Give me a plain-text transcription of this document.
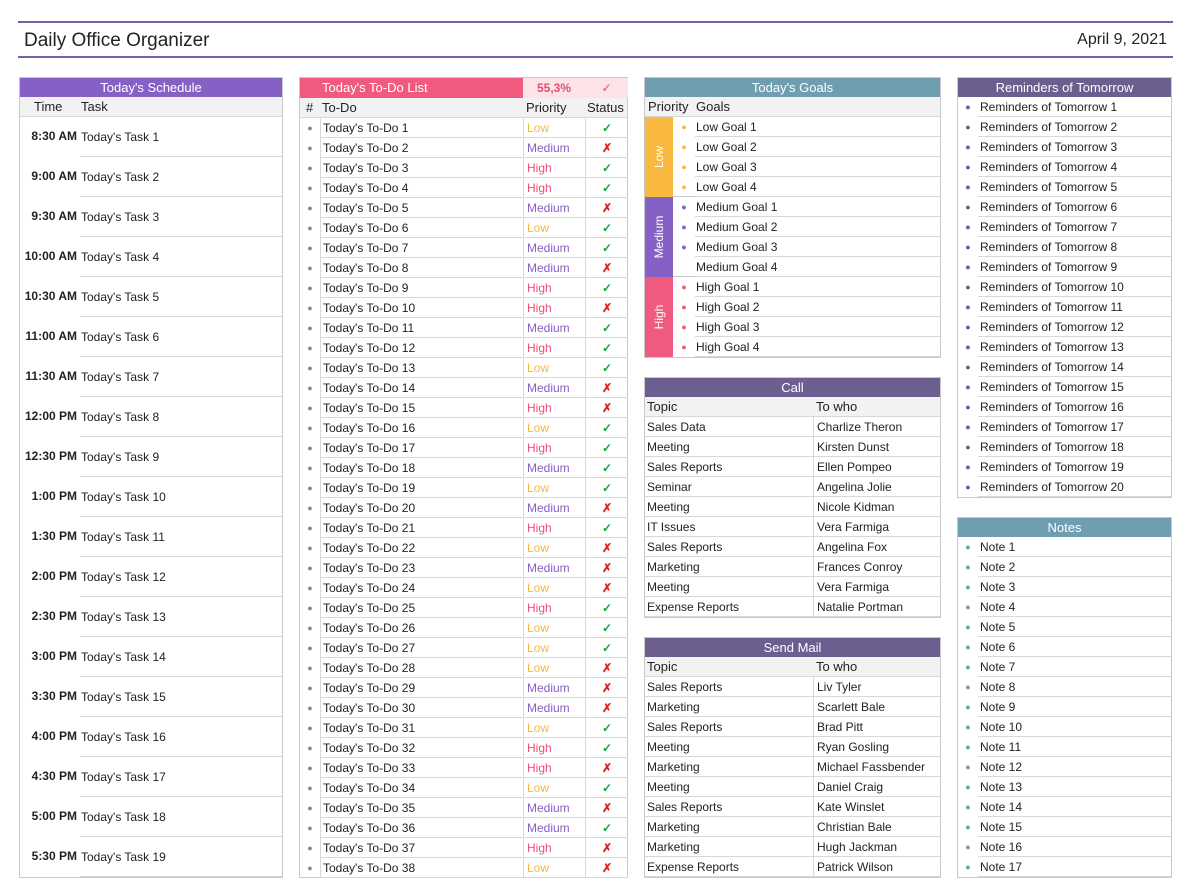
Daily Office Organizer	April 9, 2021
Today's Schedule
Time Task
8:30 AM Today's Task 1
9:00 AM Today's Task 2
9:30 AM Today's Task 3
10:00 AM Today's Task 4
10:30 AM Today's Task 5
11:00 AM Today's Task 6
11:30 AM Today's Task 7
12:00 PM Today's Task 8
12:30 PM Today's Task 9
1:00 PM Today's Task 10
1:30 PM Today's Task 11
2:00 PM Today's Task 12
2:30 PM Today's Task 13
3:00 PM Today's Task 14
3:30 PM Today's Task 15
4:00 PM Today's Task 16
4:30 PM Today's Task 17
5:00 PM Today's Task 18
5:30 PM Today's Task 19
Today's To-Do List	55,3%	✓
# To-Do	Priority Status
● Today's To-Do 1	Low	✓
● Today's To-Do 2	Medium	✗
● Today's To-Do 3	High	✓
● Today's To-Do 4	High	✓
● Today's To-Do 5	Medium	✗
● Today's To-Do 6	Low	✓
● Today's To-Do 7	Medium	✓
● Today's To-Do 8	Medium	✗
● Today's To-Do 9	High	✓
● Today's To-Do 10	High	✗
● Today's To-Do 11	Medium	✓
● Today's To-Do 12	High	✓
● Today's To-Do 13	Low	✓
● Today's To-Do 14	Medium	✗
● Today's To-Do 15	High	✗
● Today's To-Do 16	Low	✓
● Today's To-Do 17	High	✓
● Today's To-Do 18	Medium	✓
● Today's To-Do 19	Low	✓
● Today's To-Do 20	Medium	✗
● Today's To-Do 21	High	✓
● Today's To-Do 22	Low	✗
● Today's To-Do 23	Medium	✗
● Today's To-Do 24	Low	✗
● Today's To-Do 25	High	✓
● Today's To-Do 26	Low	✓
● Today's To-Do 27	Low	✓
● Today's To-Do 28	Low	✗
● Today's To-Do 29	Medium	✗
● Today's To-Do 30	Medium	✗
● Today's To-Do 31	Low	✓
● Today's To-Do 32	High	✓
● Today's To-Do 33	High	✗
● Today's To-Do 34	Low	✓
● Today's To-Do 35	Medium	✗
● Today's To-Do 36	Medium	✓
● Today's To-Do 37	High	✗
● Today's To-Do 38	Low	✗
Today's Goals
Priority Goals
Low
● Low Goal 1
● Low Goal 2
● Low Goal 3
● Low Goal 4
Medium
● Medium Goal 1
● Medium Goal 2
● Medium Goal 3
Medium Goal 4
High
● High Goal 1
● High Goal 2
● High Goal 3
● High Goal 4
Call
Topic	To who
Sales Data	Charlize Theron
Meeting	Kirsten Dunst
Sales Reports	Ellen Pompeo
Seminar	Angelina Jolie
Meeting	Nicole Kidman
IT Issues	Vera Farmiga
Sales Reports	Angelina Fox
Marketing	Frances Conroy
Meeting	Vera Farmiga
Expense Reports	Natalie Portman
Send Mail
Topic	To who
Sales Reports	Liv Tyler
Marketing	Scarlett Bale
Sales Reports	Brad Pitt
Meeting	Ryan Gosling
Marketing	Michael Fassbender
Meeting	Daniel Craig
Sales Reports	Kate Winslet
Marketing	Christian Bale
Marketing	Hugh Jackman
Expense Reports	Patrick Wilson
Reminders of Tomorrow
● Reminders of Tomorrow 1
● Reminders of Tomorrow 2
● Reminders of Tomorrow 3
● Reminders of Tomorrow 4
● Reminders of Tomorrow 5
● Reminders of Tomorrow 6
● Reminders of Tomorrow 7
● Reminders of Tomorrow 8
● Reminders of Tomorrow 9
● Reminders of Tomorrow 10
● Reminders of Tomorrow 11
● Reminders of Tomorrow 12
● Reminders of Tomorrow 13
● Reminders of Tomorrow 14
● Reminders of Tomorrow 15
● Reminders of Tomorrow 16
● Reminders of Tomorrow 17
● Reminders of Tomorrow 18
● Reminders of Tomorrow 19
● Reminders of Tomorrow 20
Notes
● Note 1
● Note 2
● Note 3
● Note 4
● Note 5
● Note 6
● Note 7
● Note 8
● Note 9
● Note 10
● Note 11
● Note 12
● Note 13
● Note 14
● Note 15
● Note 16
● Note 17
